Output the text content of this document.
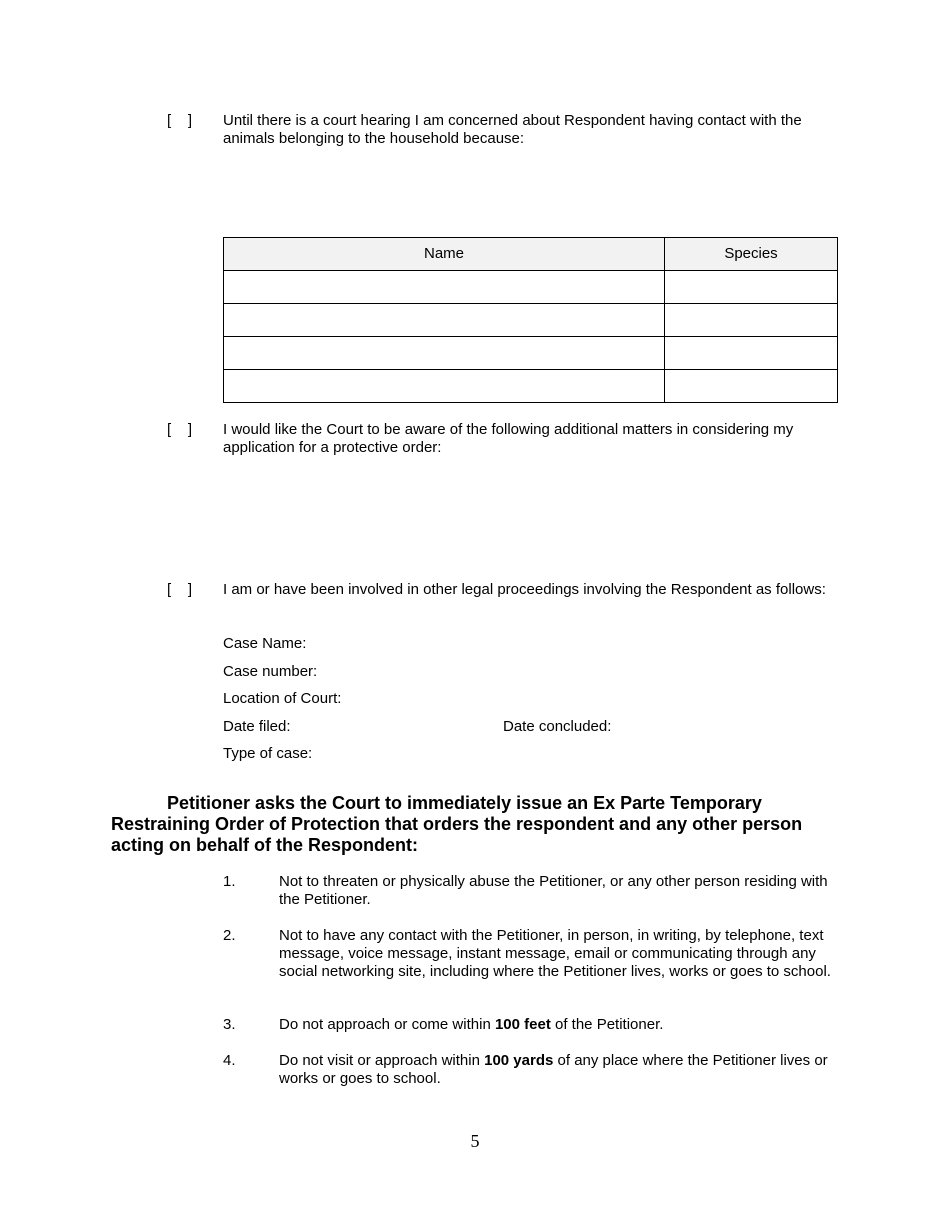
[    ]	Until there is a court hearing I am concerned about Respondent having contact with the animals belonging to the household because:
Name	Species

[    ]	I would like the Court to be aware of the following additional matters in considering my application for a protective order:
[    ]	I am or have been involved in other legal proceedings involving the Respondent as follows:
Case Name:
Case number:
Location of Court:
Date filed:	Date concluded:
Type of case:
Petitioner asks the Court to immediately issue an Ex Parte Temporary Restraining Order of Protection that orders the respondent and any other person acting on behalf of the Respondent:
1.	Not to threaten or physically abuse the Petitioner, or any other person residing with the Petitioner.
2.	Not to have any contact with the Petitioner, in person, in writing, by telephone, text message, voice message, instant message, email or communicating through any social networking site, including where the Petitioner lives, works or goes to school.
3.	Do not approach or come within 100 feet of the Petitioner.
4.	Do not visit or approach within 100 yards of any place where the Petitioner lives or works or goes to school.
5
